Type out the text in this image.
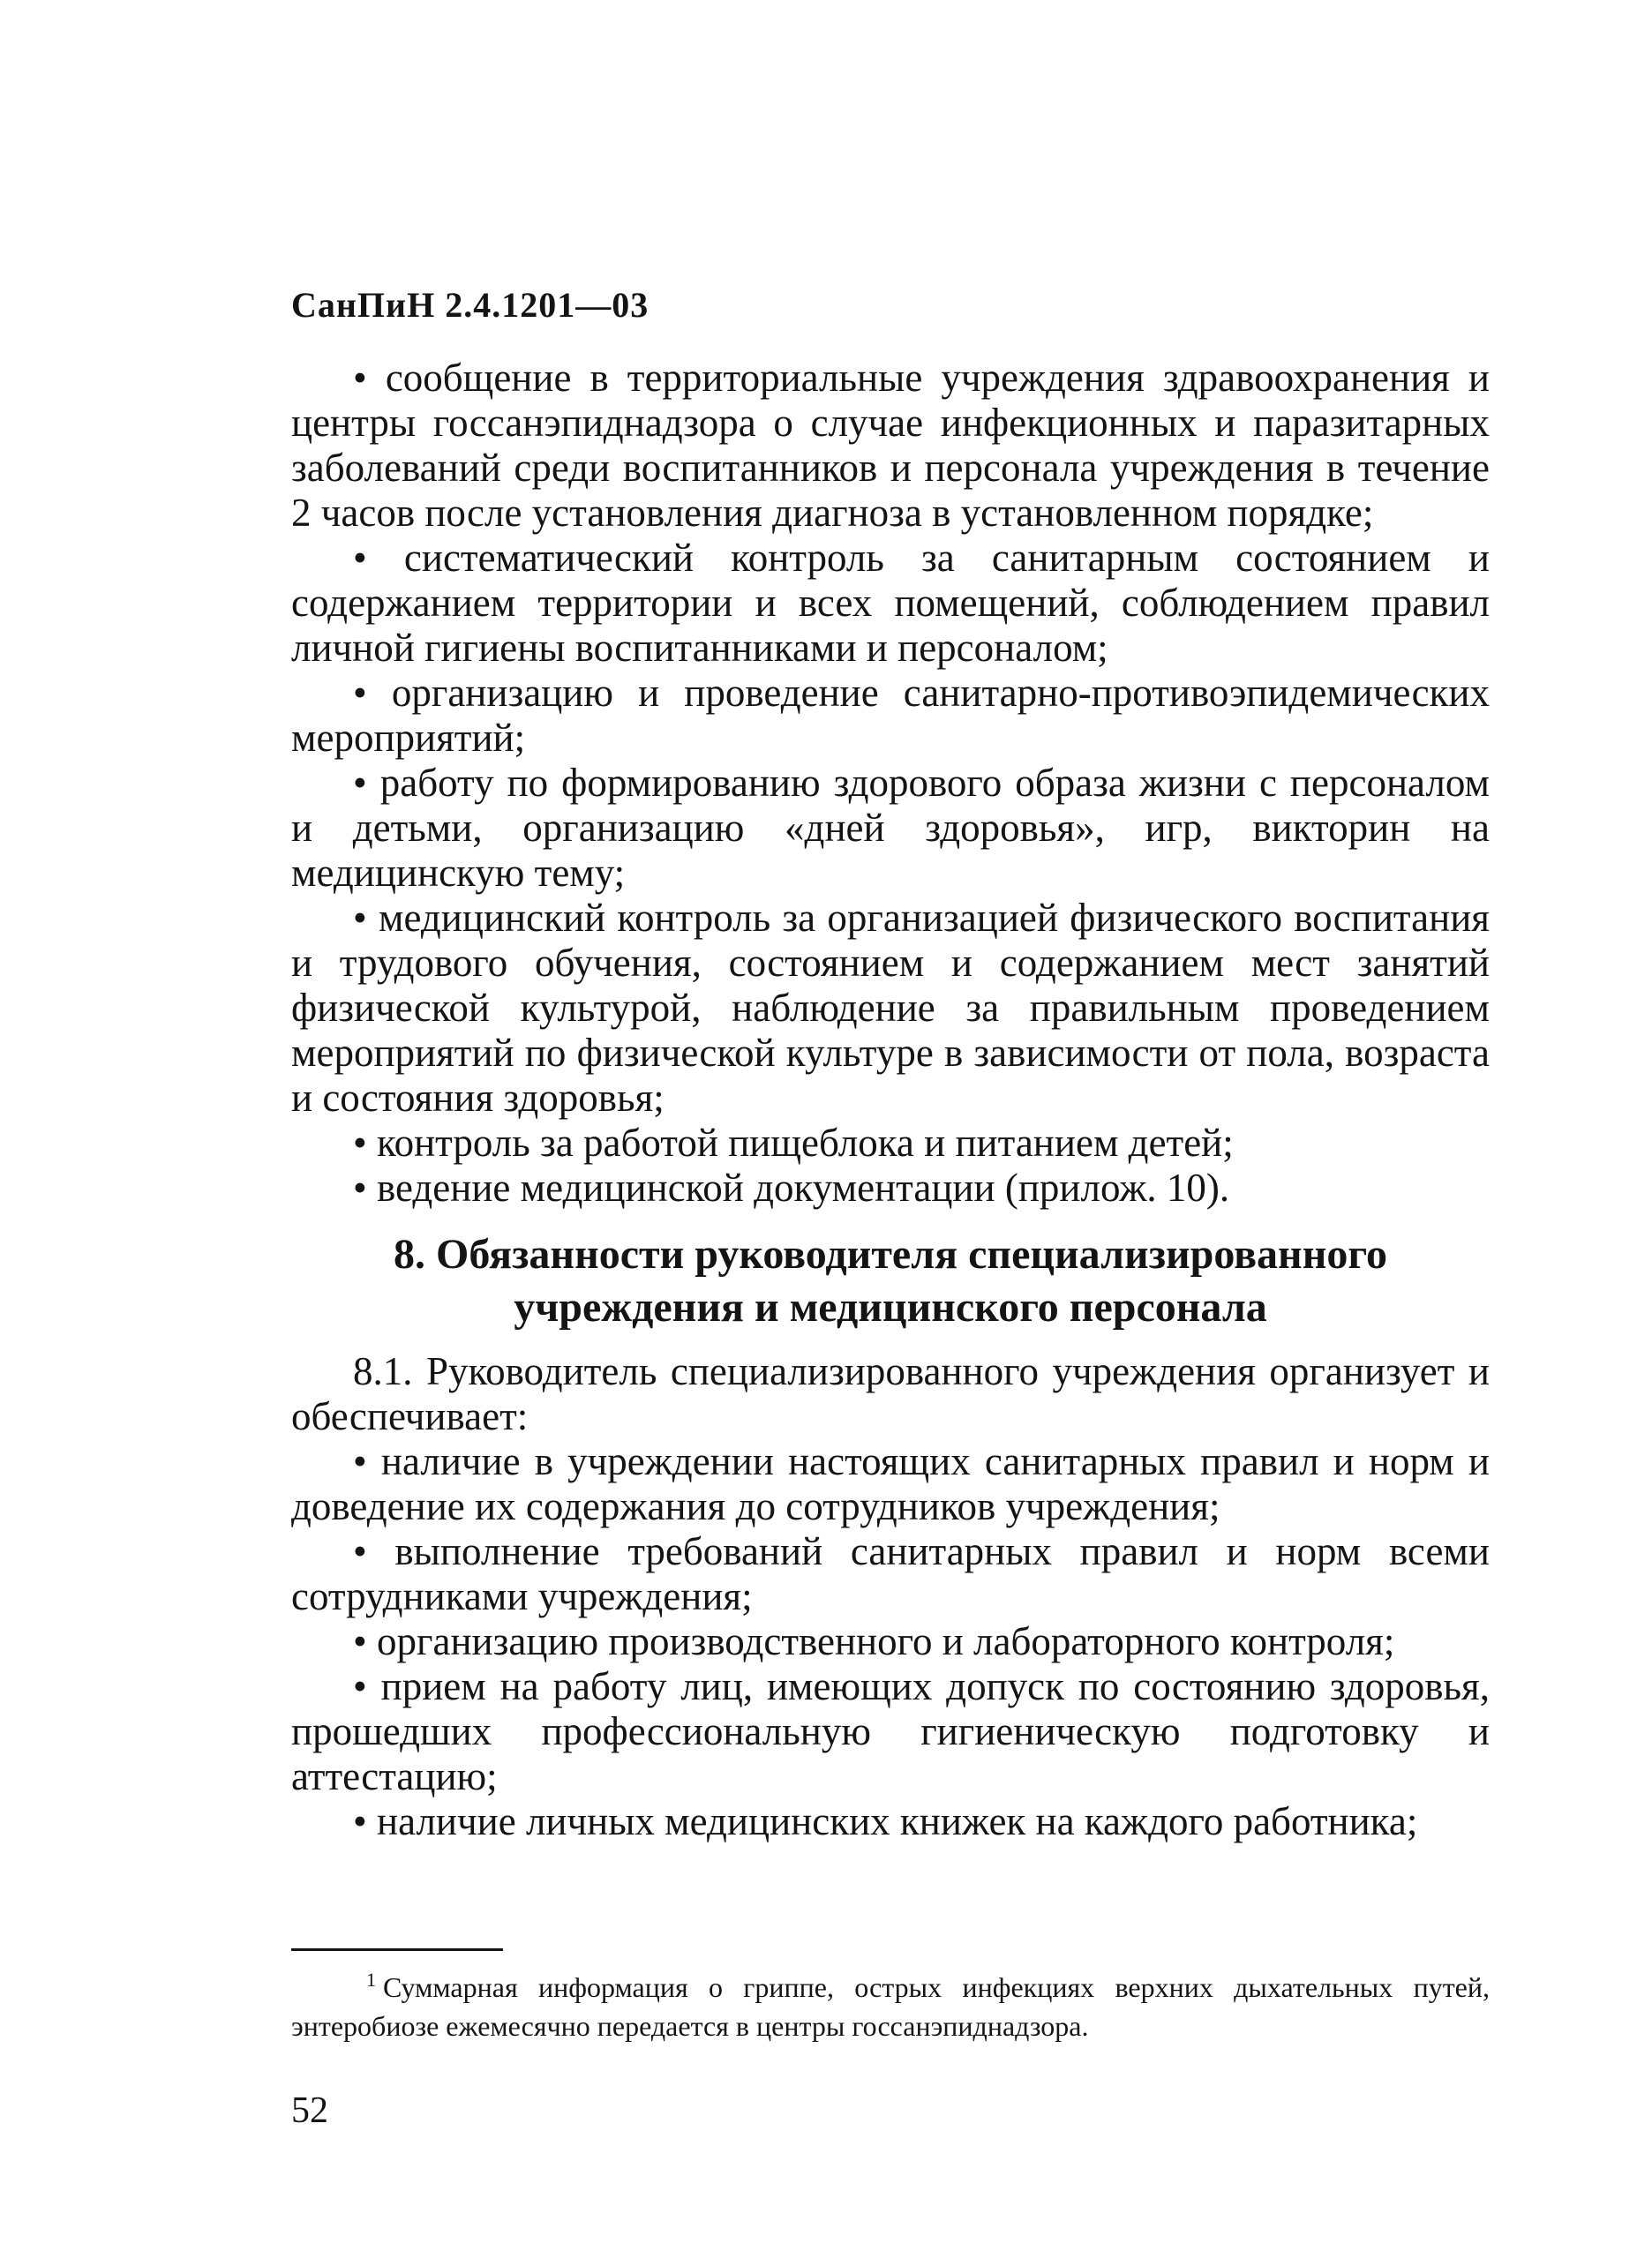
СанПиН 2.4.1201—03

• сообщение в территориальные учреждения здравоохранения и центры госсанэпиднадзора о случае инфекционных и паразитарных заболеваний среди воспитанников и персонала учреждения в течение 2 часов после установления диагноза в установленном порядке;

• систематический контроль за санитарным состоянием и содержанием территории и всех помещений, соблюдением правил личной гигиены воспитанниками и персоналом;

• организацию и проведение санитарно-противоэпидемических мероприятий;

• работу по формированию здорового образа жизни с персоналом и детьми, организацию «дней здоровья», игр, викторин на медицинскую тему;

• медицинский контроль за организацией физического воспитания и трудового обучения, состоянием и содержанием мест занятий физической культурой, наблюдение за правильным проведением мероприятий по физической культуре в зависимости от пола, возраста и состояния здоровья;

• контроль за работой пищеблока и питанием детей;

• ведение медицинской документации (прилож. 10).

8. Обязанности руководителя специализированного
учреждения и медицинского персонала

8.1. Руководитель специализированного учреждения организует и обеспечивает:

• наличие в учреждении настоящих санитарных правил и норм и доведение их содержания до сотрудников учреждения;

• выполнение требований санитарных правил и норм всеми сотрудниками учреждения;

• организацию производственного и лабораторного контроля;

• прием на работу лиц, имеющих допуск по состоянию здоровья, прошедших профессиональную гигиеническую подготовку и аттестацию;

• наличие личных медицинских книжек на каждого работника;

$^1$ Суммарная информация о гриппе, острых инфекциях верхних дыхательных путей, энтеробиозе ежемесячно передается в центры госсанэпиднадзора.

52
